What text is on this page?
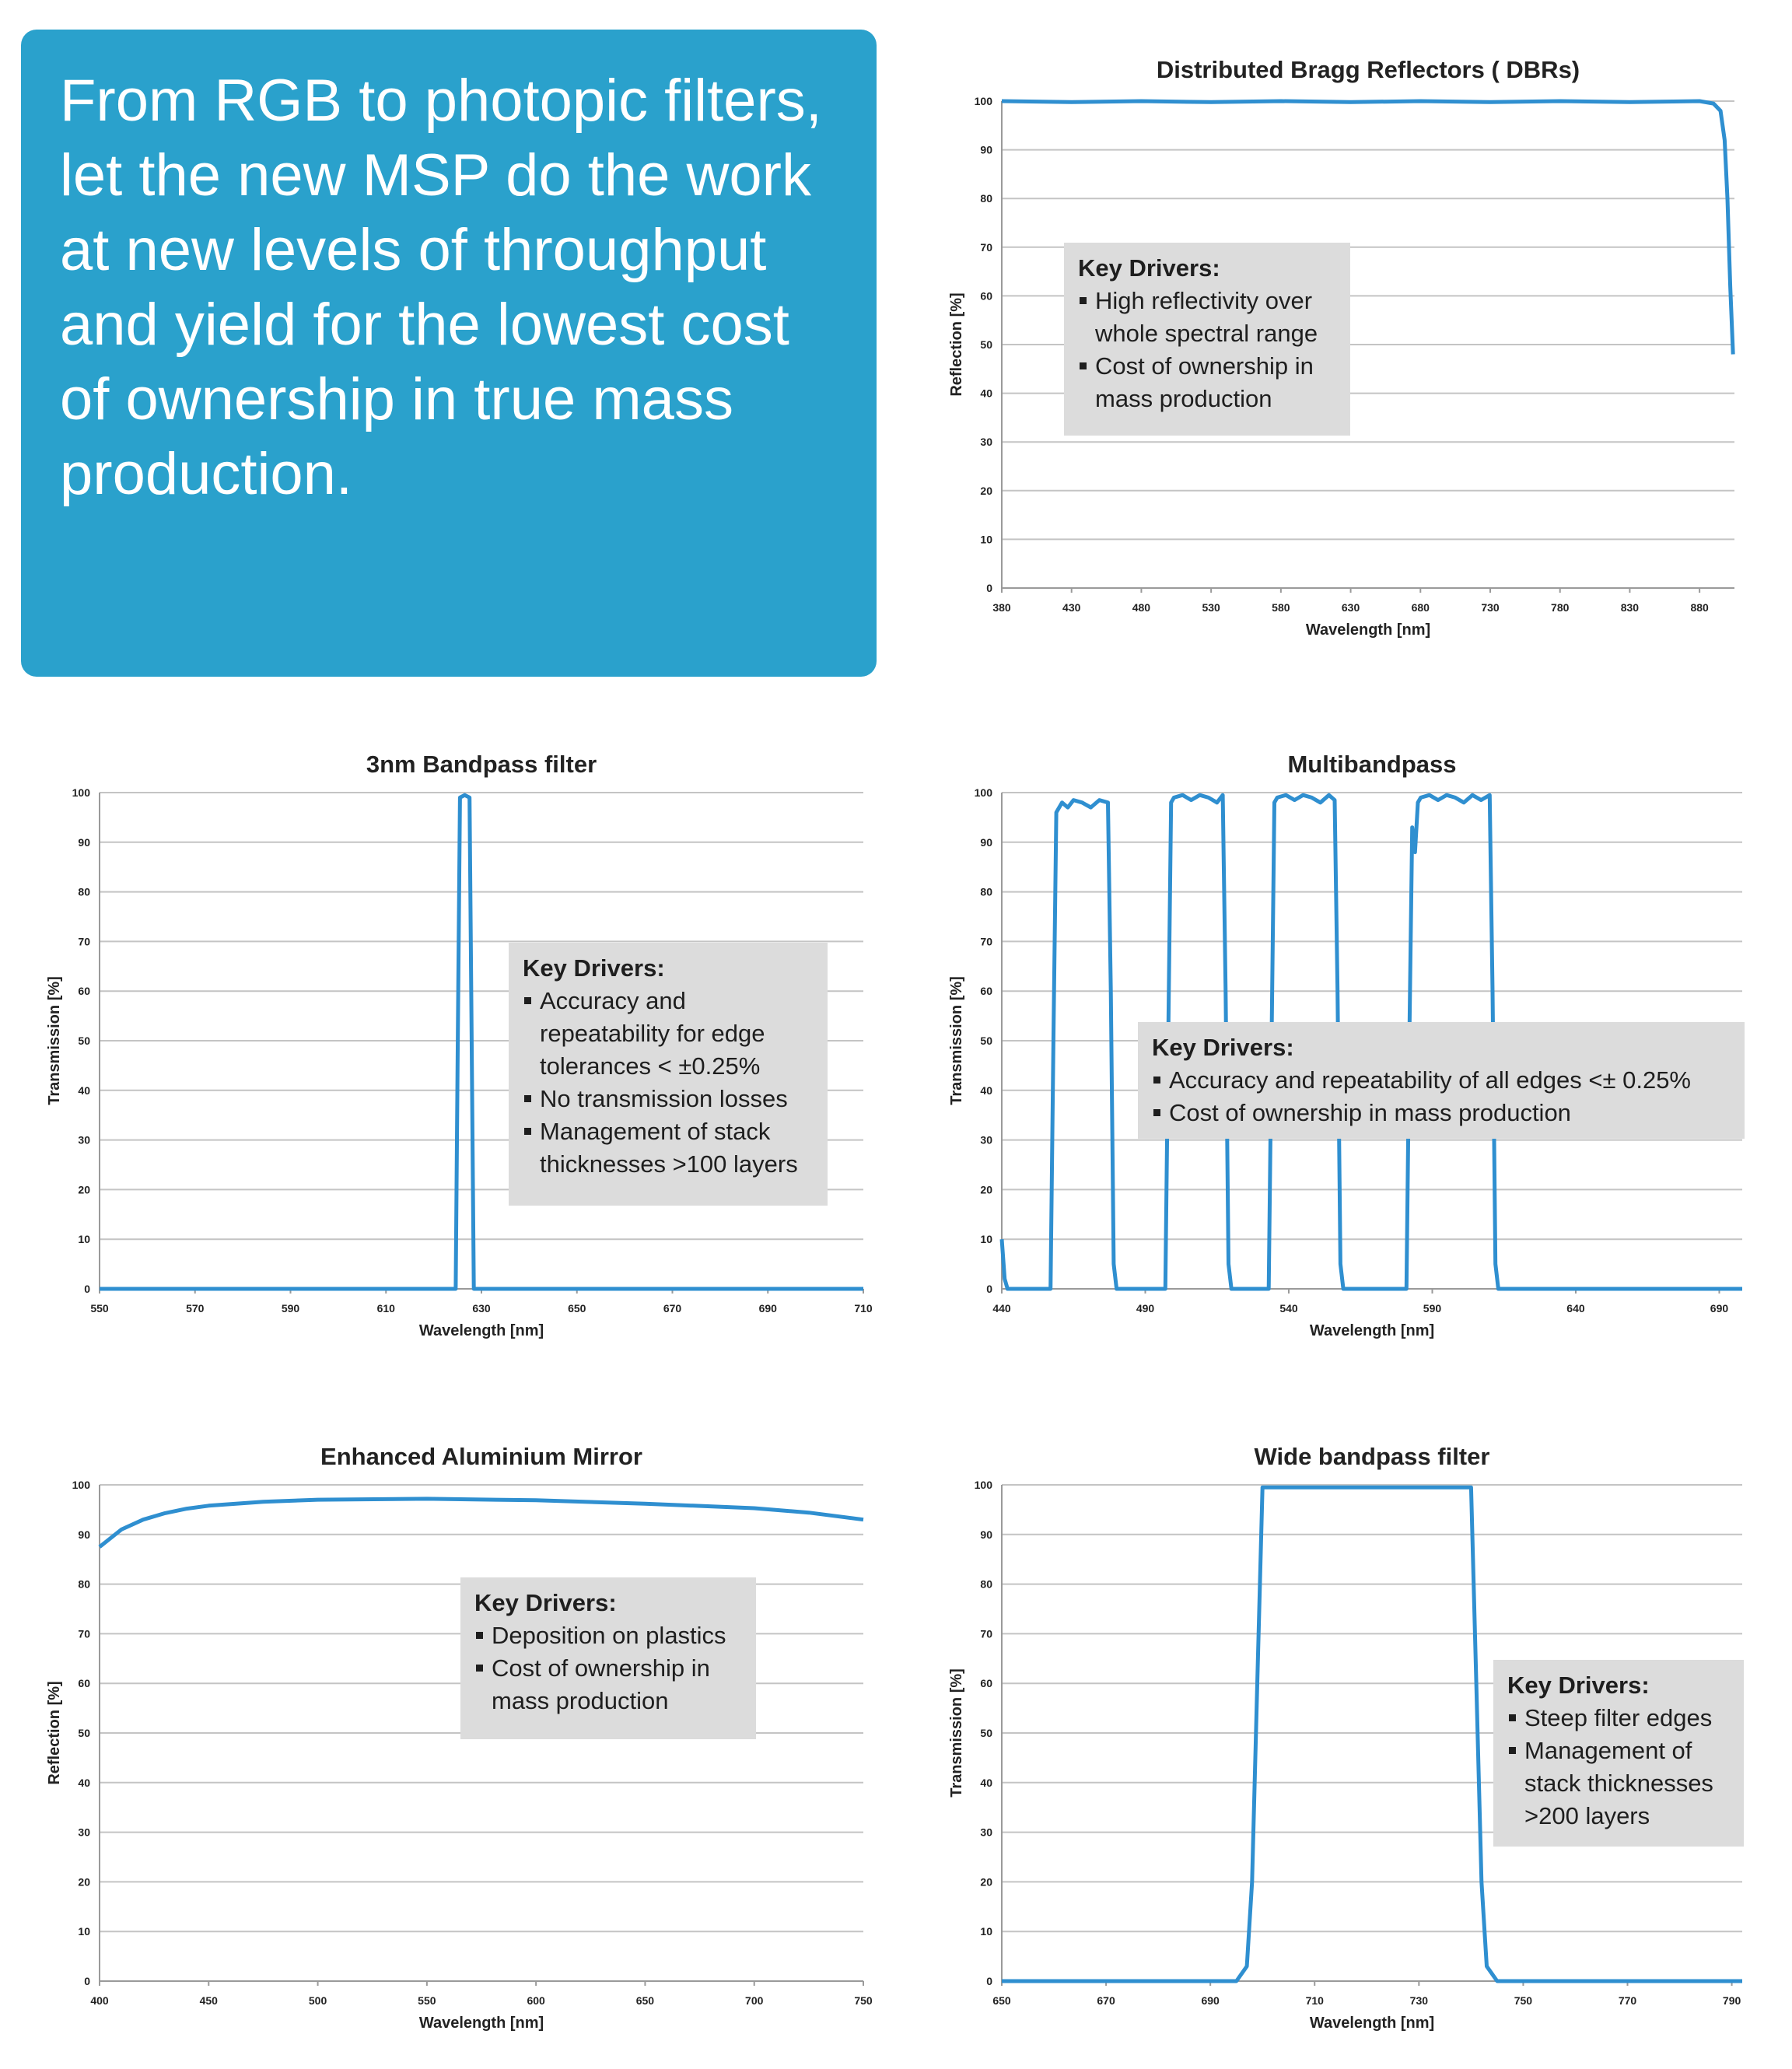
From RGB to photopic filters, let the new MSP do the work at new levels of throughput and yield for the lowest cost of ownership in true mass production.

Distributed Bragg Reflectors ( DBRs)
0
10
20
30
40
50
60
70
80
90
100
380	430	480	530	580	630	680	730	780	830	880
Wavelength [nm]
Reflection [%]
3nm Bandpass filter
0
10
20
30
40
50
60
70
80
90
100
550	570	590	610	630	650	670	690	710
Wavelength [nm]
Transmission [%]
Multibandpass
0
10
20
30
40
50
60
70
80
90
100
440	490	540	590	640	690
Wavelength [nm]
Transmission [%]
Enhanced Aluminium Mirror
0
10
20
30
40
50
60
70
80
90
100
400	450	500	550	600	650	700	750
Wavelength [nm]
Reflection [%]
Wide bandpass filter
0
10
20
30
40
50
60
70
80
90
100
650	670	690	710	730	750	770	790
Wavelength [nm]
Transmission [%]

Key Drivers:

High reflectivity over whole spectral range
Cost of ownership in mass production

Key Drivers:

Accuracy and repeatability for edge tolerances < ±0.25%
No transmission losses
Management of stack thicknesses >100 layers

Key Drivers:

Accuracy and repeatability of all edges <± 0.25%
Cost of ownership in mass production

Key Drivers:

Deposition on plastics
Cost of ownership in mass production

Key Drivers:

Steep filter edges
Management of stack thicknesses >200 layers
